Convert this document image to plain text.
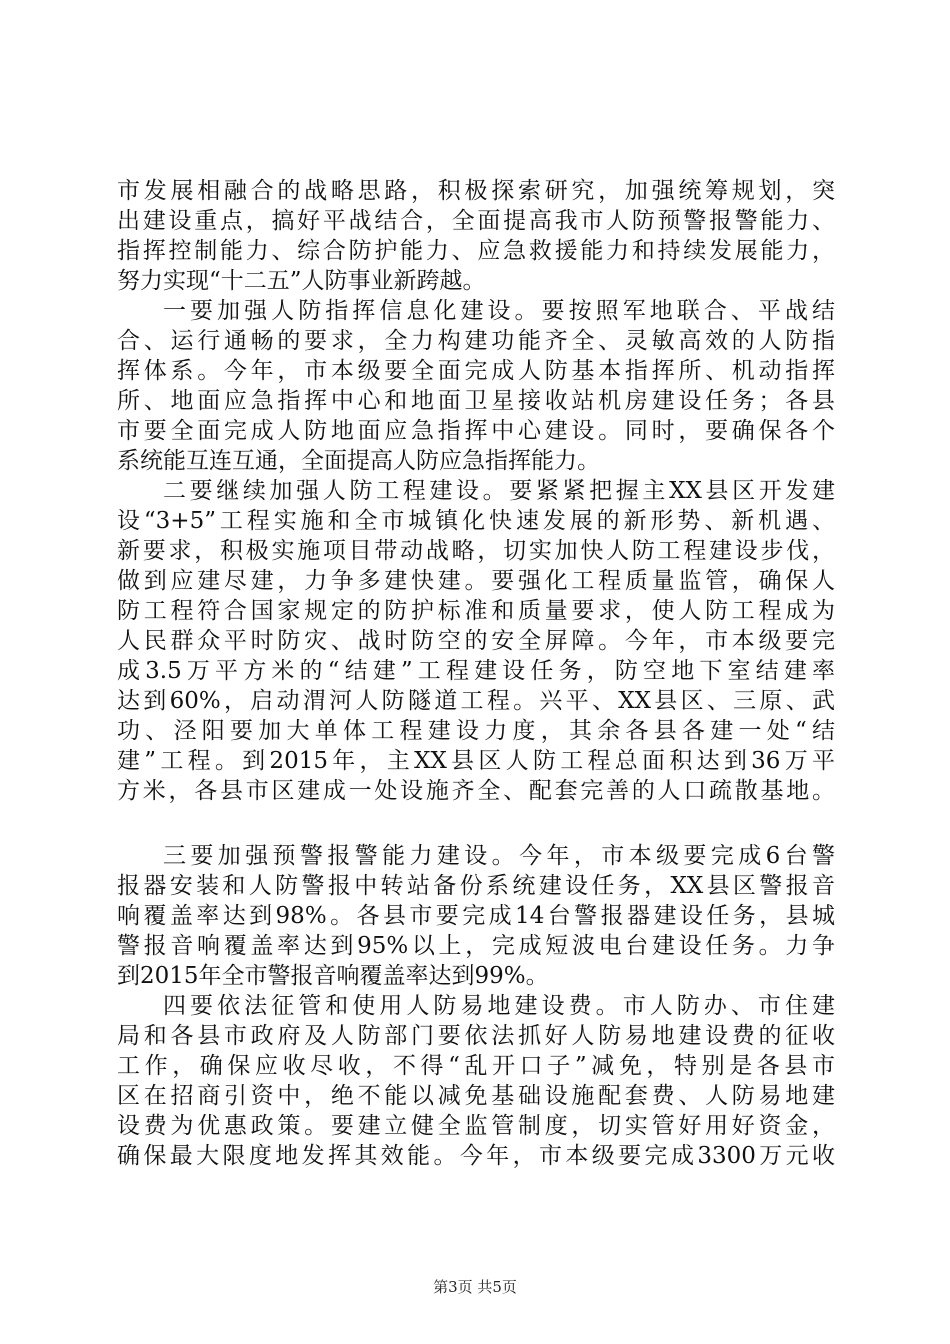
市发展相融合的战略思路，积极探索研究，加强统筹规划，突
出建设重点，搞好平战结合，全面提高我市人防预警报警能力、
指挥控制能力、综合防护能力、应急救援能力和持续发展能力，
努力实现“十二五”人防事业新跨越。
一要加强人防指挥信息化建设。要按照军地联合、平战结
合、运行通畅的要求，全力构建功能齐全、灵敏高效的人防指
挥体系。今年，市本级要全面完成人防基本指挥所、机动指挥
所、地面应急指挥中心和地面卫星接收站机房建设任务；各县
市要全面完成人防地面应急指挥中心建设。同时，要确保各个
系统能互连互通，全面提高人防应急指挥能力。
二要继续加强人防工程建设。要紧紧把握主XX县区开发建
设“3+5”工程实施和全市城镇化快速发展的新形势、新机遇、
新要求，积极实施项目带动战略，切实加快人防工程建设步伐，
做到应建尽建，力争多建快建。要强化工程质量监管，确保人
防工程符合国家规定的防护标准和质量要求，使人防工程成为
人民群众平时防灾、战时防空的安全屏障。今年，市本级要完
成3.5万平方米的“结建”工程建设任务，防空地下室结建率
达到60%，启动渭河人防隧道工程。兴平、XX县区、三原、武
功、泾阳要加大单体工程建设力度，其余各县各建一处“结
建”工程。到2015年，主XX县区人防工程总面积达到36万平
方米，各县市区建成一处设施齐全、配套完善的人口疏散基地。
三要加强预警报警能力建设。今年，市本级要完成6台警
报器安装和人防警报中转站备份系统建设任务，XX县区警报音
响覆盖率达到98%。各县市要完成14台警报器建设任务，县城
警报音响覆盖率达到95%以上，完成短波电台建设任务。力争
到2015年全市警报音响覆盖率达到99%。
四要依法征管和使用人防易地建设费。市人防办、市住建
局和各县市政府及人防部门要依法抓好人防易地建设费的征收
工作，确保应收尽收，不得“乱开口子”减免，特别是各县市
区在招商引资中，绝不能以减免基础设施配套费、人防易地建
设费为优惠政策。要建立健全监管制度，切实管好用好资金，
确保最大限度地发挥其效能。今年，市本级要完成3300万元收
第3页 共5页
